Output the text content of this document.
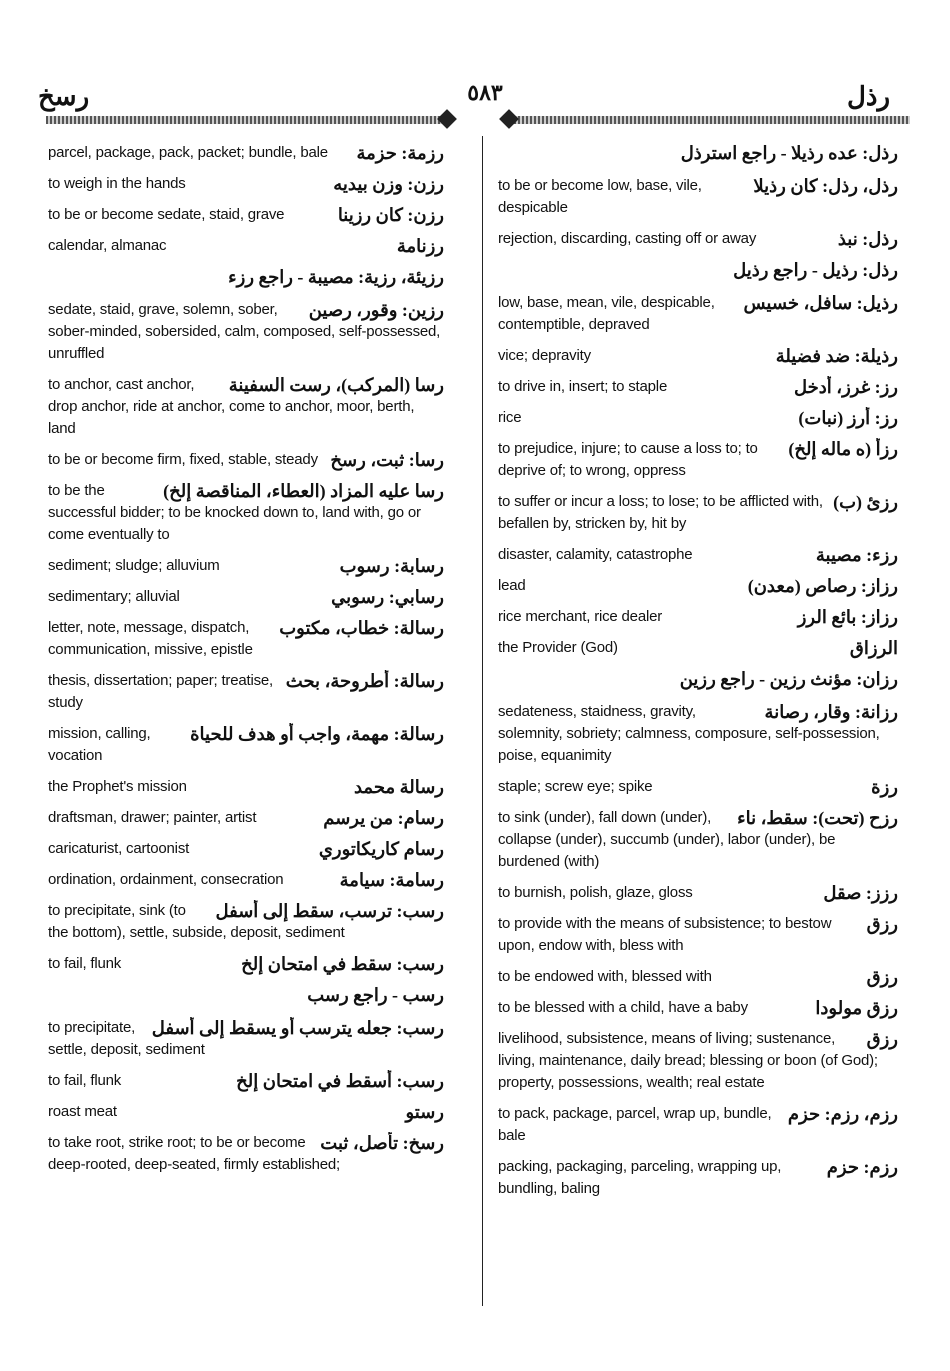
رسخ	٥٨٣	رذل
رزمة: حزمة
parcel, package, pack, packet; bundle, bale
رزن: وزن بيديه
to weigh in the hands
رزن: كان رزينا
to be or become sedate, staid, grave
رزنامة
calendar, almanac
رزيئة، رزية: مصيبة - راجع رزء
رزين: وقور، رصين
sedate, staid, grave, solemn, sober, sober-minded, sobersided, calm, composed, self-possessed, unruffled
رسا (المركب)، رست السفينة
to anchor, cast anchor, drop anchor, ride at anchor, come to anchor, moor, berth, land
رسا: ثبت، رسخ
to be or become firm, fixed, stable, steady
رسا عليه المزاد (العطاء، المناقصة إلخ)
to be the successful bidder; to be knocked down to, land with, go or come eventually to
رسابة: رسوب
sediment; sludge; alluvium
رسابي: رسوبي
sedimentary; alluvial
رسالة: خطاب، مكتوب
letter, note, message, dispatch, communication, missive, epistle
رسالة: أطروحة، بحث
thesis, dissertation; paper; treatise, study
رسالة: مهمة، واجب أو هدف للحياة
mission, calling, vocation
رسالة محمد
the Prophet's mission
رسام: من يرسم
draftsman, drawer; painter, artist
رسام كاريكاتوري
caricaturist, cartoonist
رسامة: سيامة
ordination, ordainment, consecration
رسب: ترسب، سقط إلى أسفل
to precipitate, sink (to the bottom), settle, subside, deposit, sediment
رسب: سقط في امتحان إلخ
to fail, flunk
رسب - راجع رسب
رسب: جعله يترسب أو يسقط إلى أسفل
to precipitate, settle, deposit, sediment
رسب: أسقط في امتحان إلخ
to fail, flunk
رستو
roast meat
رسخ: تأصل، ثبت
to take root, strike root; to be or become deep-rooted, deep-seated, firmly established;
رذل: عده رذيلا - راجع استرذل
رذل، رذل: كان رذيلا
to be or become low, base, vile, despicable
رذل: نبذ
rejection, discarding, casting off or away
رذل: رذيل - راجع رذيل
رذيل: سافل، خسيس
low, base, mean, vile, despicable, contemptible, depraved
رذيلة: ضد فضيلة
vice; depravity
رز: غرز، أدخل
to drive in, insert; to staple
رز: أرز (نبات)
rice
رزأ (ه ماله إلخ)
to prejudice, injure; to cause a loss to; to deprive of; to wrong, oppress
رزئ (ب)
to suffer or incur a loss; to lose; to be afflicted with, befallen by, stricken by, hit by
رزء: مصيبة
disaster, calamity, catastrophe
رزاز: رصاص (معدن)
lead
رزاز: بائع الرز
rice merchant, rice dealer
الرزاق
the Provider (God)
رزان: مؤنث رزين - راجع رزين
رزانة: وقار، رصانة
sedateness, staidness, gravity, solemnity, sobriety; calmness, composure, self-possession, poise, equanimity
رزة
staple; screw eye; spike
رزح (تحت): سقط، ناء
to sink (under), fall down (under), collapse (under), succumb (under), labor (under), be burdened (with)
رزز: صقل
to burnish, polish, glaze, gloss
رزق
to provide with the means of subsistence; to bestow upon, endow with, bless with
رزق
to be endowed with, blessed with
رزق مولودا
to be blessed with a child, have a baby
رزق
livelihood, subsistence, means of living; sustenance, living, maintenance, daily bread; blessing or boon (of God); property, possessions, wealth; real estate
رزم، رزم: حزم
to pack, package, parcel, wrap up, bundle, bale
رزم: حزم
packing, packaging, parceling, wrapping up, bundling, baling
